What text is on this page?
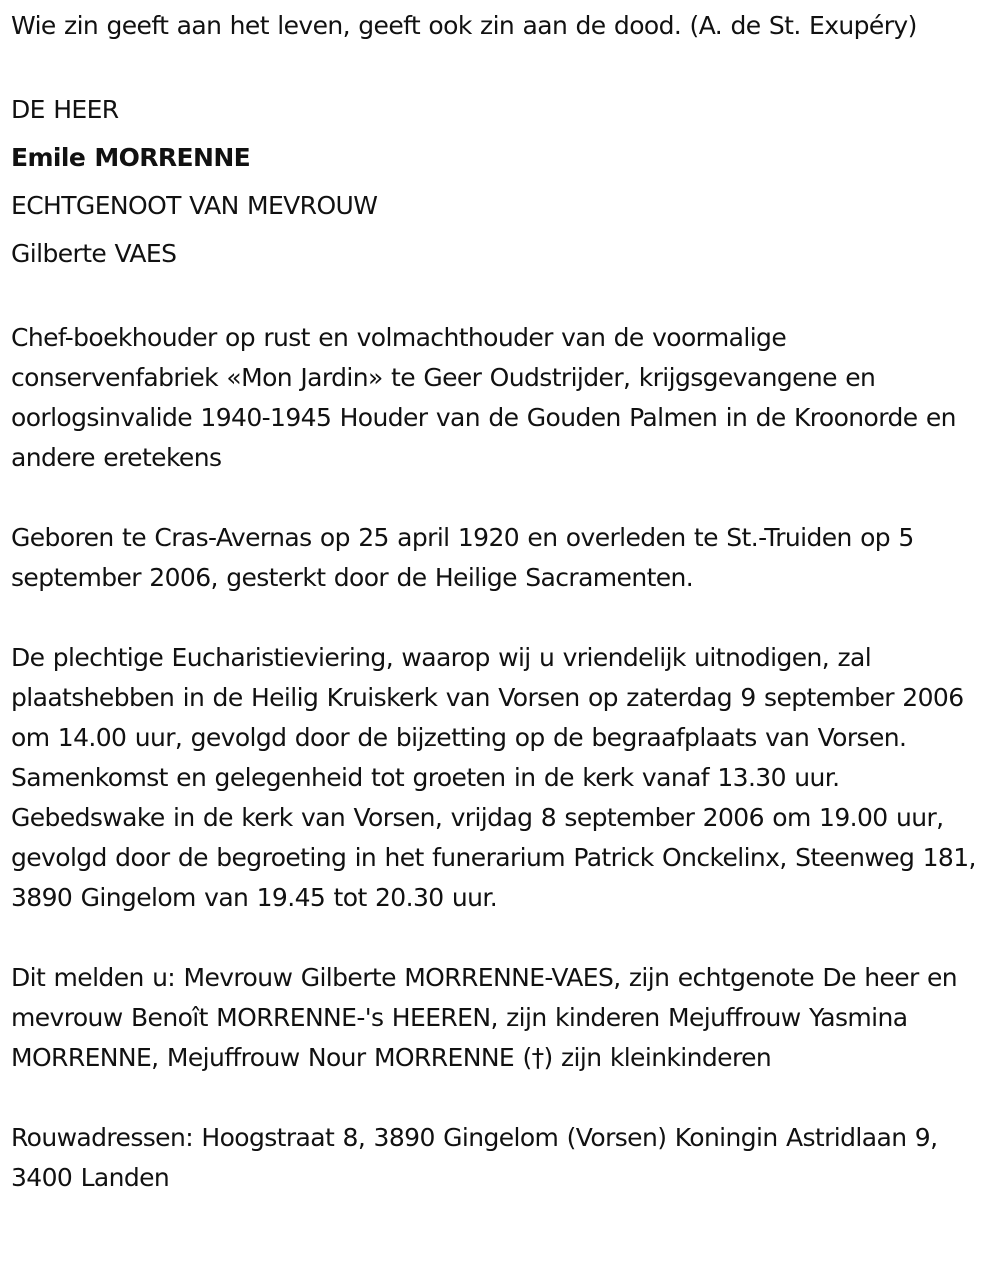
Wie zin geeft aan het leven, geeft ook zin aan de dood. (A. de St. Exupéry)

DE HEER

Emile MORRENNE

ECHTGENOOT VAN MEVROUW

Gilberte VAES

Chef-boekhouder op rust en volmachthouder van de voormalige conservenfabriek «Mon Jardin» te Geer Oudstrijder, krijgsgevangene en oorlogsinvalide 1940-1945 Houder van de Gouden Palmen in de Kroonorde en andere eretekens

Geboren te Cras-Avernas op 25 april 1920 en overleden te St.-Truiden op 5 september 2006, gesterkt door de Heilige Sacramenten.

De plechtige Eucharistieviering, waarop wij u vriendelijk uitnodigen, zal plaatshebben in de Heilig Kruiskerk van Vorsen op zaterdag 9 september 2006 om 14.00 uur, gevolgd door de bijzetting op de begraafplaats van Vorsen. Samenkomst en gelegenheid tot groeten in de kerk vanaf 13.30 uur. Gebedswake in de kerk van Vorsen, vrijdag 8 september 2006 om 19.00 uur, gevolgd door de begroeting in het funerarium Patrick Onckelinx, Steenweg 181, 3890 Gingelom van 19.45 tot 20.30 uur.

Dit melden u: Mevrouw Gilberte MORRENNE-VAES, zijn echtgenote De heer en mevrouw Benoît MORRENNE-'s HEEREN, zijn kinderen Mejuffrouw Yasmina MORRENNE, Mejuffrouw Nour MORRENNE (†) zijn kleinkinderen

Rouwadressen: Hoogstraat 8, 3890 Gingelom (Vorsen) Koningin Astridlaan 9, 3400 Landen
